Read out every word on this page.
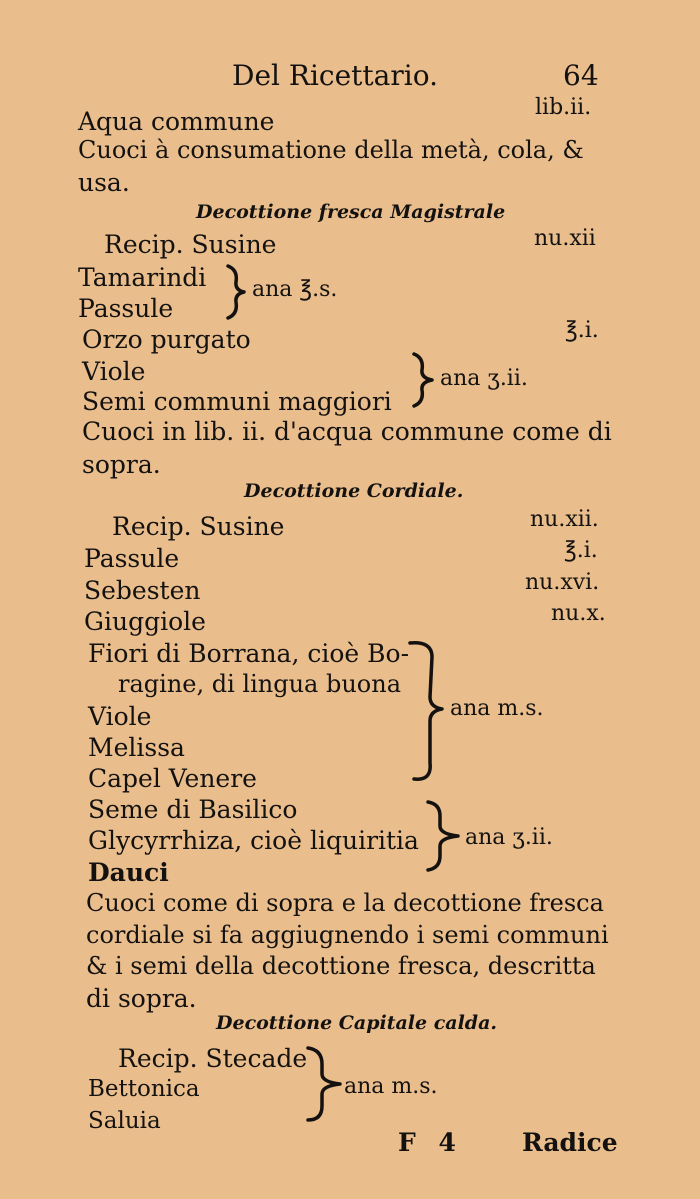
Del Ricettario.	64
Aqua commune	lib.ii.
Cuoci à consumatione della metà, cola, &
usa.
Decottione fresca Magistrale
Recip. Susine	nu.xii
Tamarindi
Passule
ana ℥.s.
Orzo purgato	℥.i.
Viole
Semi communi maggiori
ana ʒ.ii.
Cuoci in lib. ii. d'acqua commune come di
sopra.
Decottione Cordiale.
Recip. Susine	nu.xii.
Passule	℥.i.
Sebesten	nu.xvi.
Giuggiole	nu.x.
Fiori di Borrana, cioè Bo-
ragine, di lingua buona
Viole
Melissa
Capel Venere
ana m.s.
Seme di Basilico
Glycyrrhiza, cioè liquiritia
Dauci
ana ʒ.ii.
Cuoci come di sopra e la decottione fresca
cordiale si fa aggiugnendo i semi communi
& i semi della decottione fresca, descritta
di sopra.
Decottione Capitale calda.
Recip. Stecade
Bettonica
Saluia
ana m.s.
F 4	Radice
